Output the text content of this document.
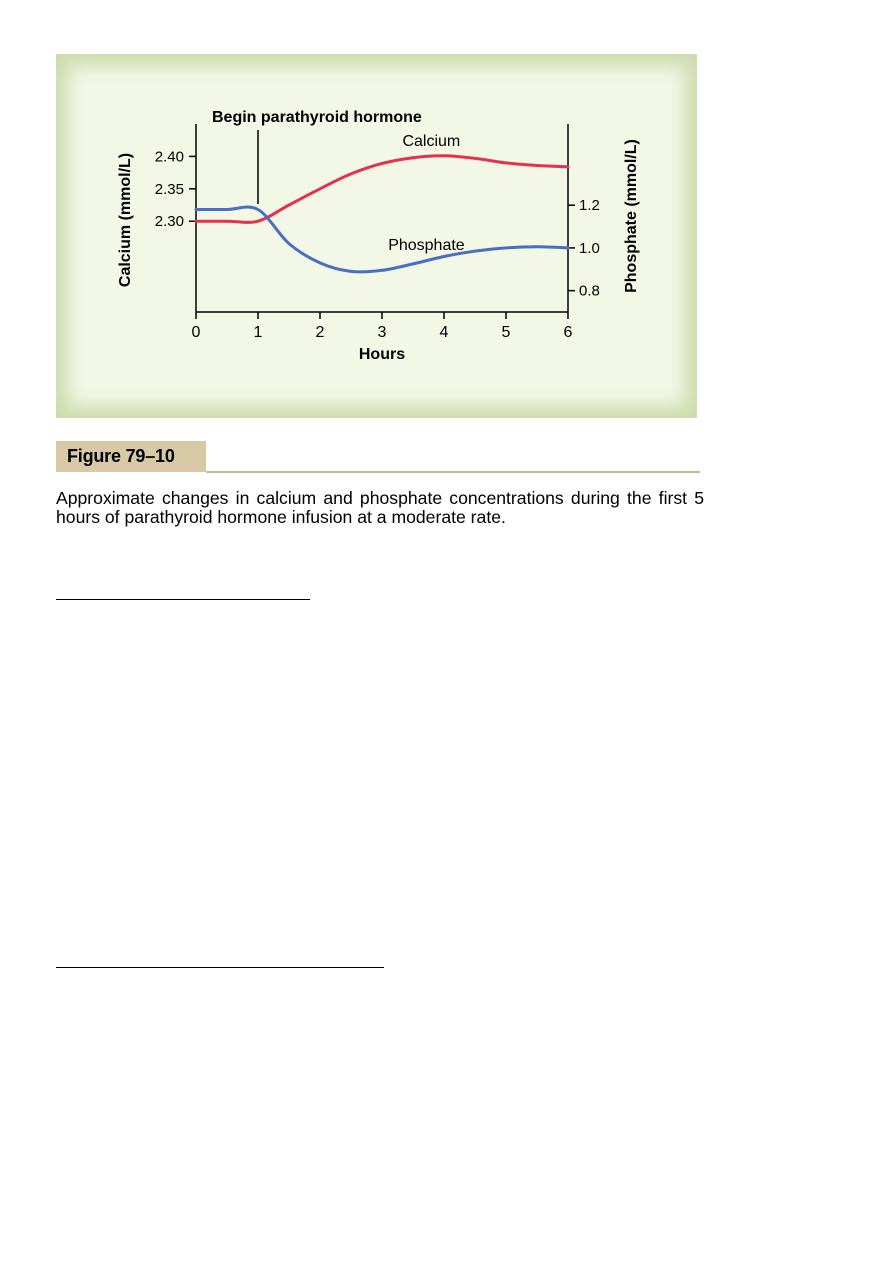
0	1	2	3	4	5	6
2.30
2.35
2.40
0.8
1.0
1.2
Hours
Calcium (mmol/L)	Phosphate (mmol/L)
Begin parathyroid hormone
Calcium
Phosphate
Figure 79–10

Approximate changes in calcium and phosphate concentrations during the first 5 hours of parathyroid hormone infusion at a moderate rate.
